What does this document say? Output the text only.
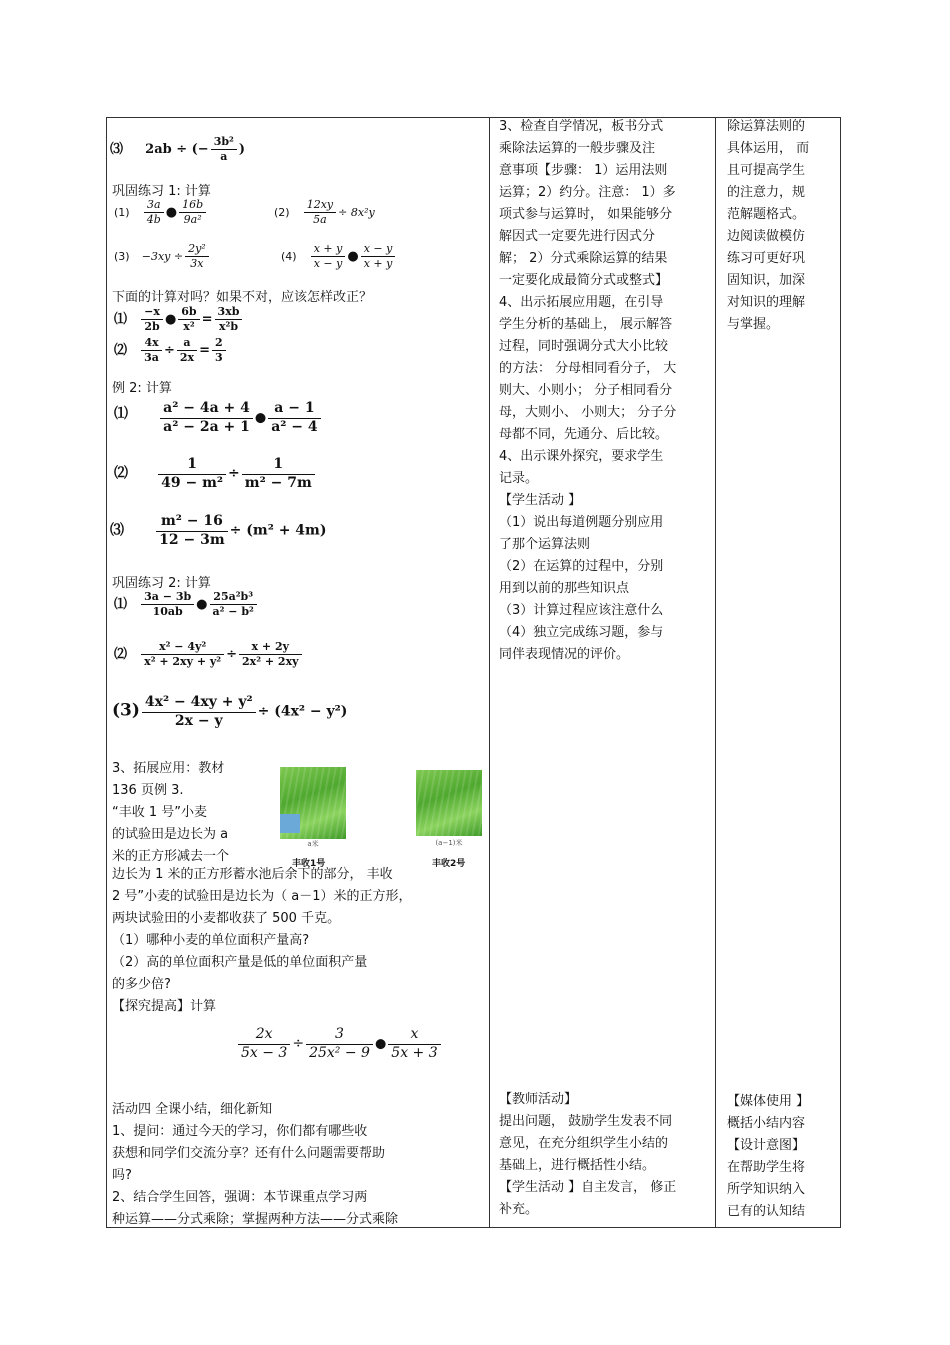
⑶ 2ab ÷ (− $\frac{\text{3b²}}{a}$ )
巩固练习 1: 计算
$(1) \frac{3a}{4b}$ ● $\frac{16b}{\text{9a²}}$	$(2) \frac{12xy}{5a} \div 8x^2y$
$(3) -3xy \div \frac{\text{2y²}}{3x}$	$(4) \frac{x + y}{x - y}$ ● $\frac{x - y}{x + y}$
下面的计算对吗？如果不对，应该怎样改正？
⑴ $\frac{-x}{2b}$ ● $\frac{6b}{\text{x²}} = \frac{3xb}{\text{x²b}}$
⑵ $\frac{4x}{3a} \div \frac{a}{2x} = \frac{2}{3}$
例 2: 计算
⑴ $\frac{\text{a² − 4a + 4}}{\text{a² − 2a + 1}}$ ● $\frac{a - 1}{\text{a² − 4}}$
⑵ $\frac{1}{\text{49 − m²}} \div \frac{1}{\text{m² − 7m}}$
⑶ $\frac{\text{m² − 16}}{12 - 3m} \div (m^2 + 4m)$
巩固练习 2: 计算
⑴ $\frac{3a - 3b}{10ab}$ ● $\frac{\text{25a²b³}}{\text{a² − b²}}$
⑵ $\frac{\text{x² − 4y²}}{\text{x² + 2xy + y²}} \div \frac{x + 2y}{\text{2x² + 2xy}}$
$(3) \frac{\text{4x² − 4xy + y²}}{2x - y} \div (4x^2 - y^2)$

3、拓展应用：教材

136 页例 3.

“丰收 1 号”小麦

的试验田是边长为 a

米的正方形减去一个

a米
丰收1号
(a−1)米
丰收2号

边长为 1 米的正方形蓄水池后余下的部分， 丰收

2 号”小麦的试验田是边长为（ a－1）米的正方形，

两块试验田的小麦都收获了 500 千克。

（1）哪种小麦的单位面积产量高?

（2）高的单位面积产量是低的单位面积产量

的多少倍?

【探究提高】计算

$\frac{2x}{5x - 3} \div \frac{3}{\text{25x² − 9}}$ ● $\frac{x}{5x + 3}$

活动四 全课小结，细化新知

1、提问：通过今天的学习，你们都有哪些收

获想和同学们交流分享？还有什么问题需要帮助

吗?

2、结合学生回答，强调：本节课重点学习两

种运算——分式乘除；掌握两种方法——分式乘除

3、检查自学情况，板书分式

乘除法运算的一般步骤及注

意事项【步骤： 1）运用法则

运算；2）约分。注意： 1）多

项式参与运算时， 如果能够分

解因式一定要先进行因式分

解； 2）分式乘除运算的结果

一定要化成最简分式或整式】

4、出示拓展应用题，在引导

学生分析的基础上， 展示解答

过程，同时强调分式大小比较

的方法： 分母相同看分子， 大

则大、小则小； 分子相同看分

母，大则小、 小则大； 分子分

母都不同，先通分、后比较。

4、出示课外探究，要求学生

记录。

【学生活动 】

（1）说出每道例题分别应用

了那个运算法则

（2）在运算的过程中，分别

用到以前的那些知识点

（3）计算过程应该注意什么

（4）独立完成练习题，参与

同伴表现情况的评价。

【教师活动】

提出问题， 鼓励学生发表不同

意见，在充分组织学生小结的

基础上，进行概括性小结。

【学生活动 】自主发言， 修正

补充。

除运算法则的

具体运用， 而

且可提高学生

的注意力，规

范解题格式。

边阅读做模仿

练习可更好巩

固知识，加深

对知识的理解

与掌握。

【媒体使用 】

概括小结内容

【设计意图】

在帮助学生将

所学知识纳入

已有的认知结
